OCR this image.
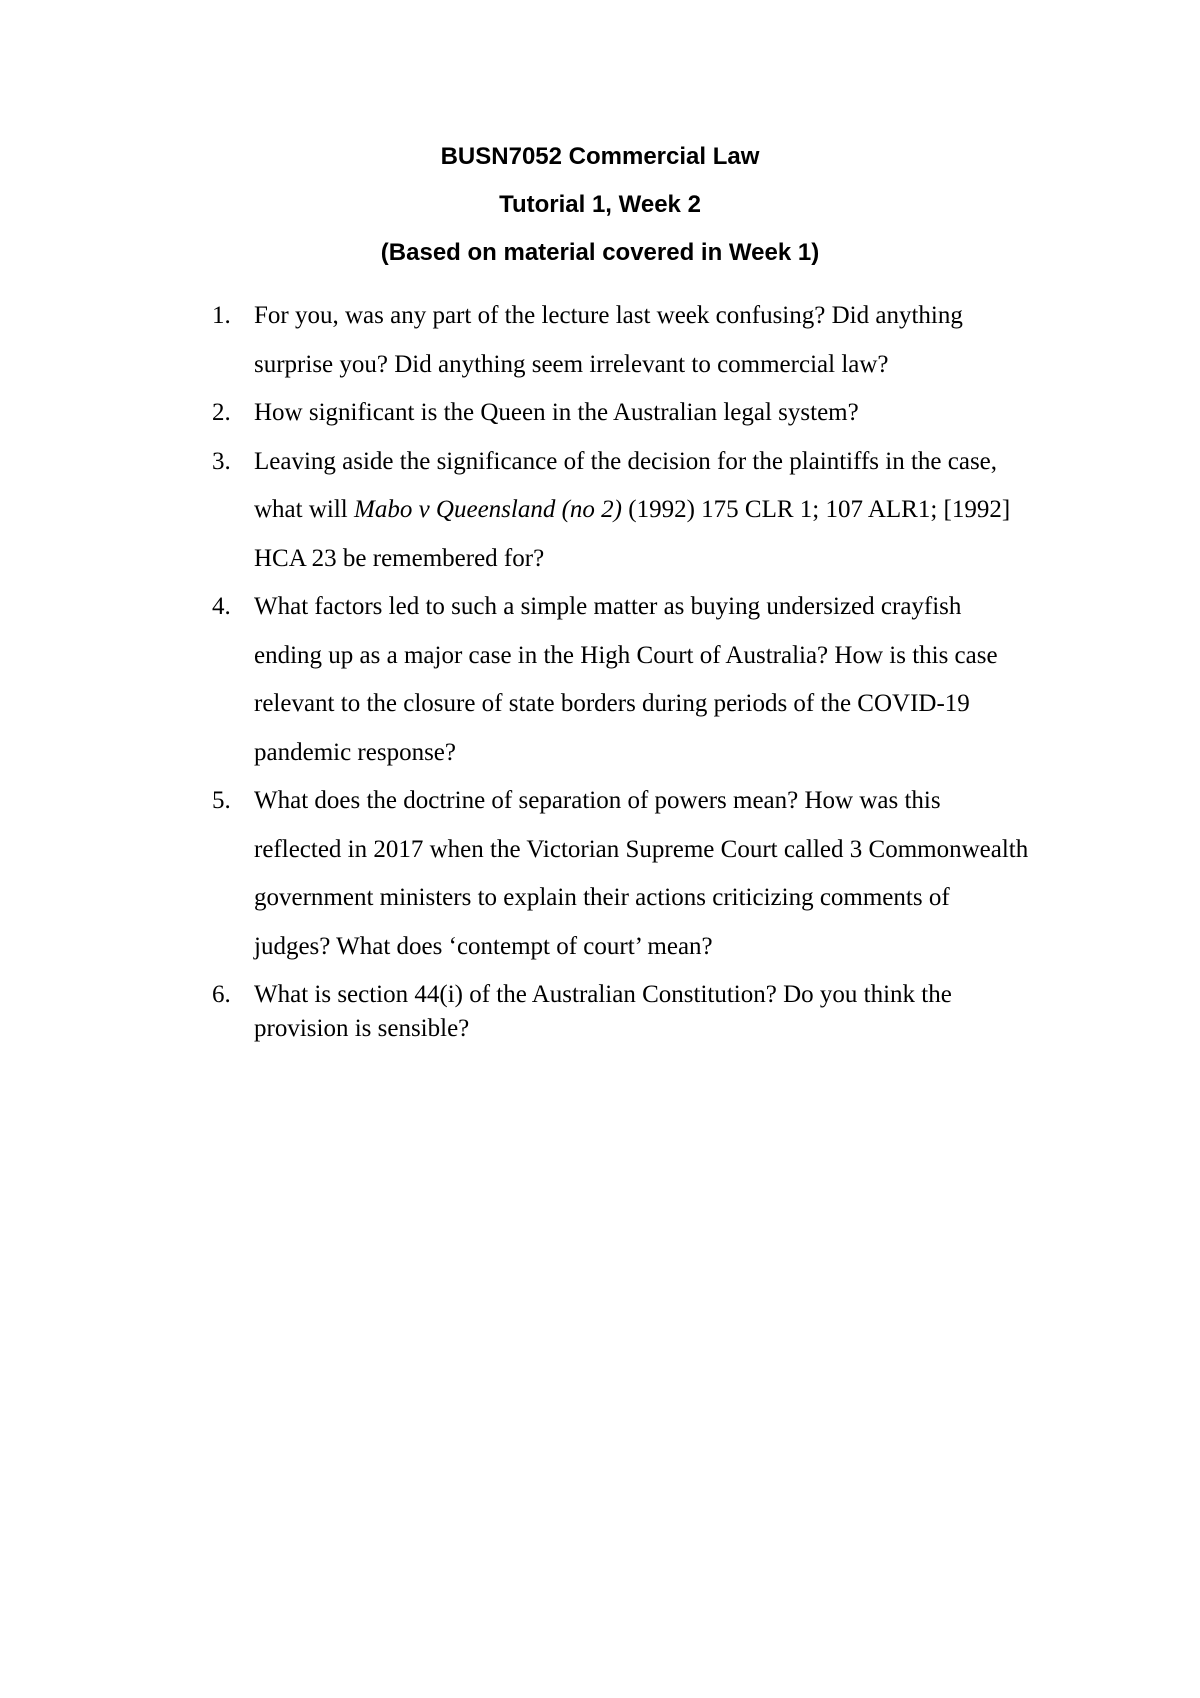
BUSN7052 Commercial Law
Tutorial 1, Week 2
(Based on material covered in Week 1)
1. For you, was any part of the lecture last week confusing? Did anything surprise you? Did anything seem irrelevant to commercial law?
2. How significant is the Queen in the Australian legal system?
3. Leaving aside the significance of the decision for the plaintiffs in the case, what will Mabo v Queensland (no 2) (1992) 175 CLR 1; 107 ALR1; [1992] HCA 23 be remembered for?
4. What factors led to such a simple matter as buying undersized crayfish ending up as a major case in the High Court of Australia? How is this case relevant to the closure of state borders during periods of the COVID-19 pandemic response?
5. What does the doctrine of separation of powers mean? How was this reflected in 2017 when the Victorian Supreme Court called 3 Commonwealth government ministers to explain their actions criticizing comments of judges? What does ‘contempt of court’ mean?
6. What is section 44(i) of the Australian Constitution? Do you think the provision is sensible?
